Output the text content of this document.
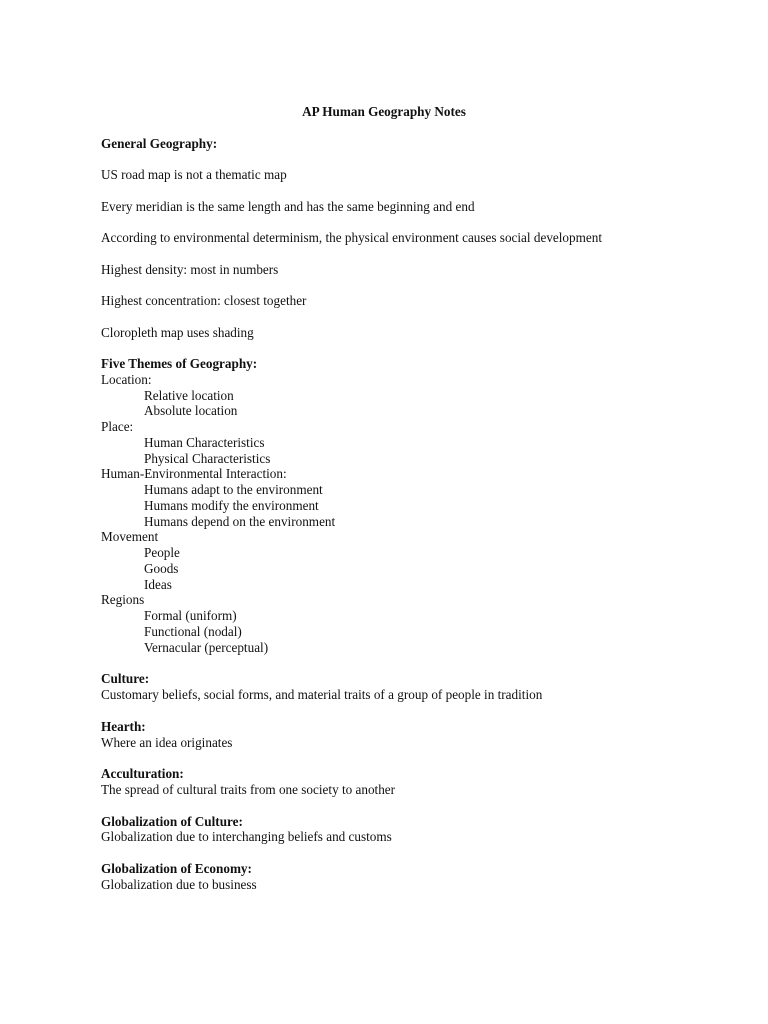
AP Human Geography Notes
General Geography:
US road map is not a thematic map
Every meridian is the same length and has the same beginning and end
According to environmental determinism, the physical environment causes social development
Highest density: most in numbers
Highest concentration: closest together
Cloropleth map uses shading
Five Themes of Geography:
Location:
Relative location
Absolute location
Place:
Human Characteristics
Physical Characteristics
Human-Environmental Interaction:
Humans adapt to the environment
Humans modify the environment
Humans depend on the environment
Movement
People
Goods
Ideas
Regions
Formal (uniform)
Functional (nodal)
Vernacular (perceptual)
Culture:
Customary beliefs, social forms, and material traits of a group of people in tradition
Hearth:
Where an idea originates
Acculturation:
The spread of cultural traits from one society to another
Globalization of Culture:
Globalization due to interchanging beliefs and customs
Globalization of Economy:
Globalization due to business
